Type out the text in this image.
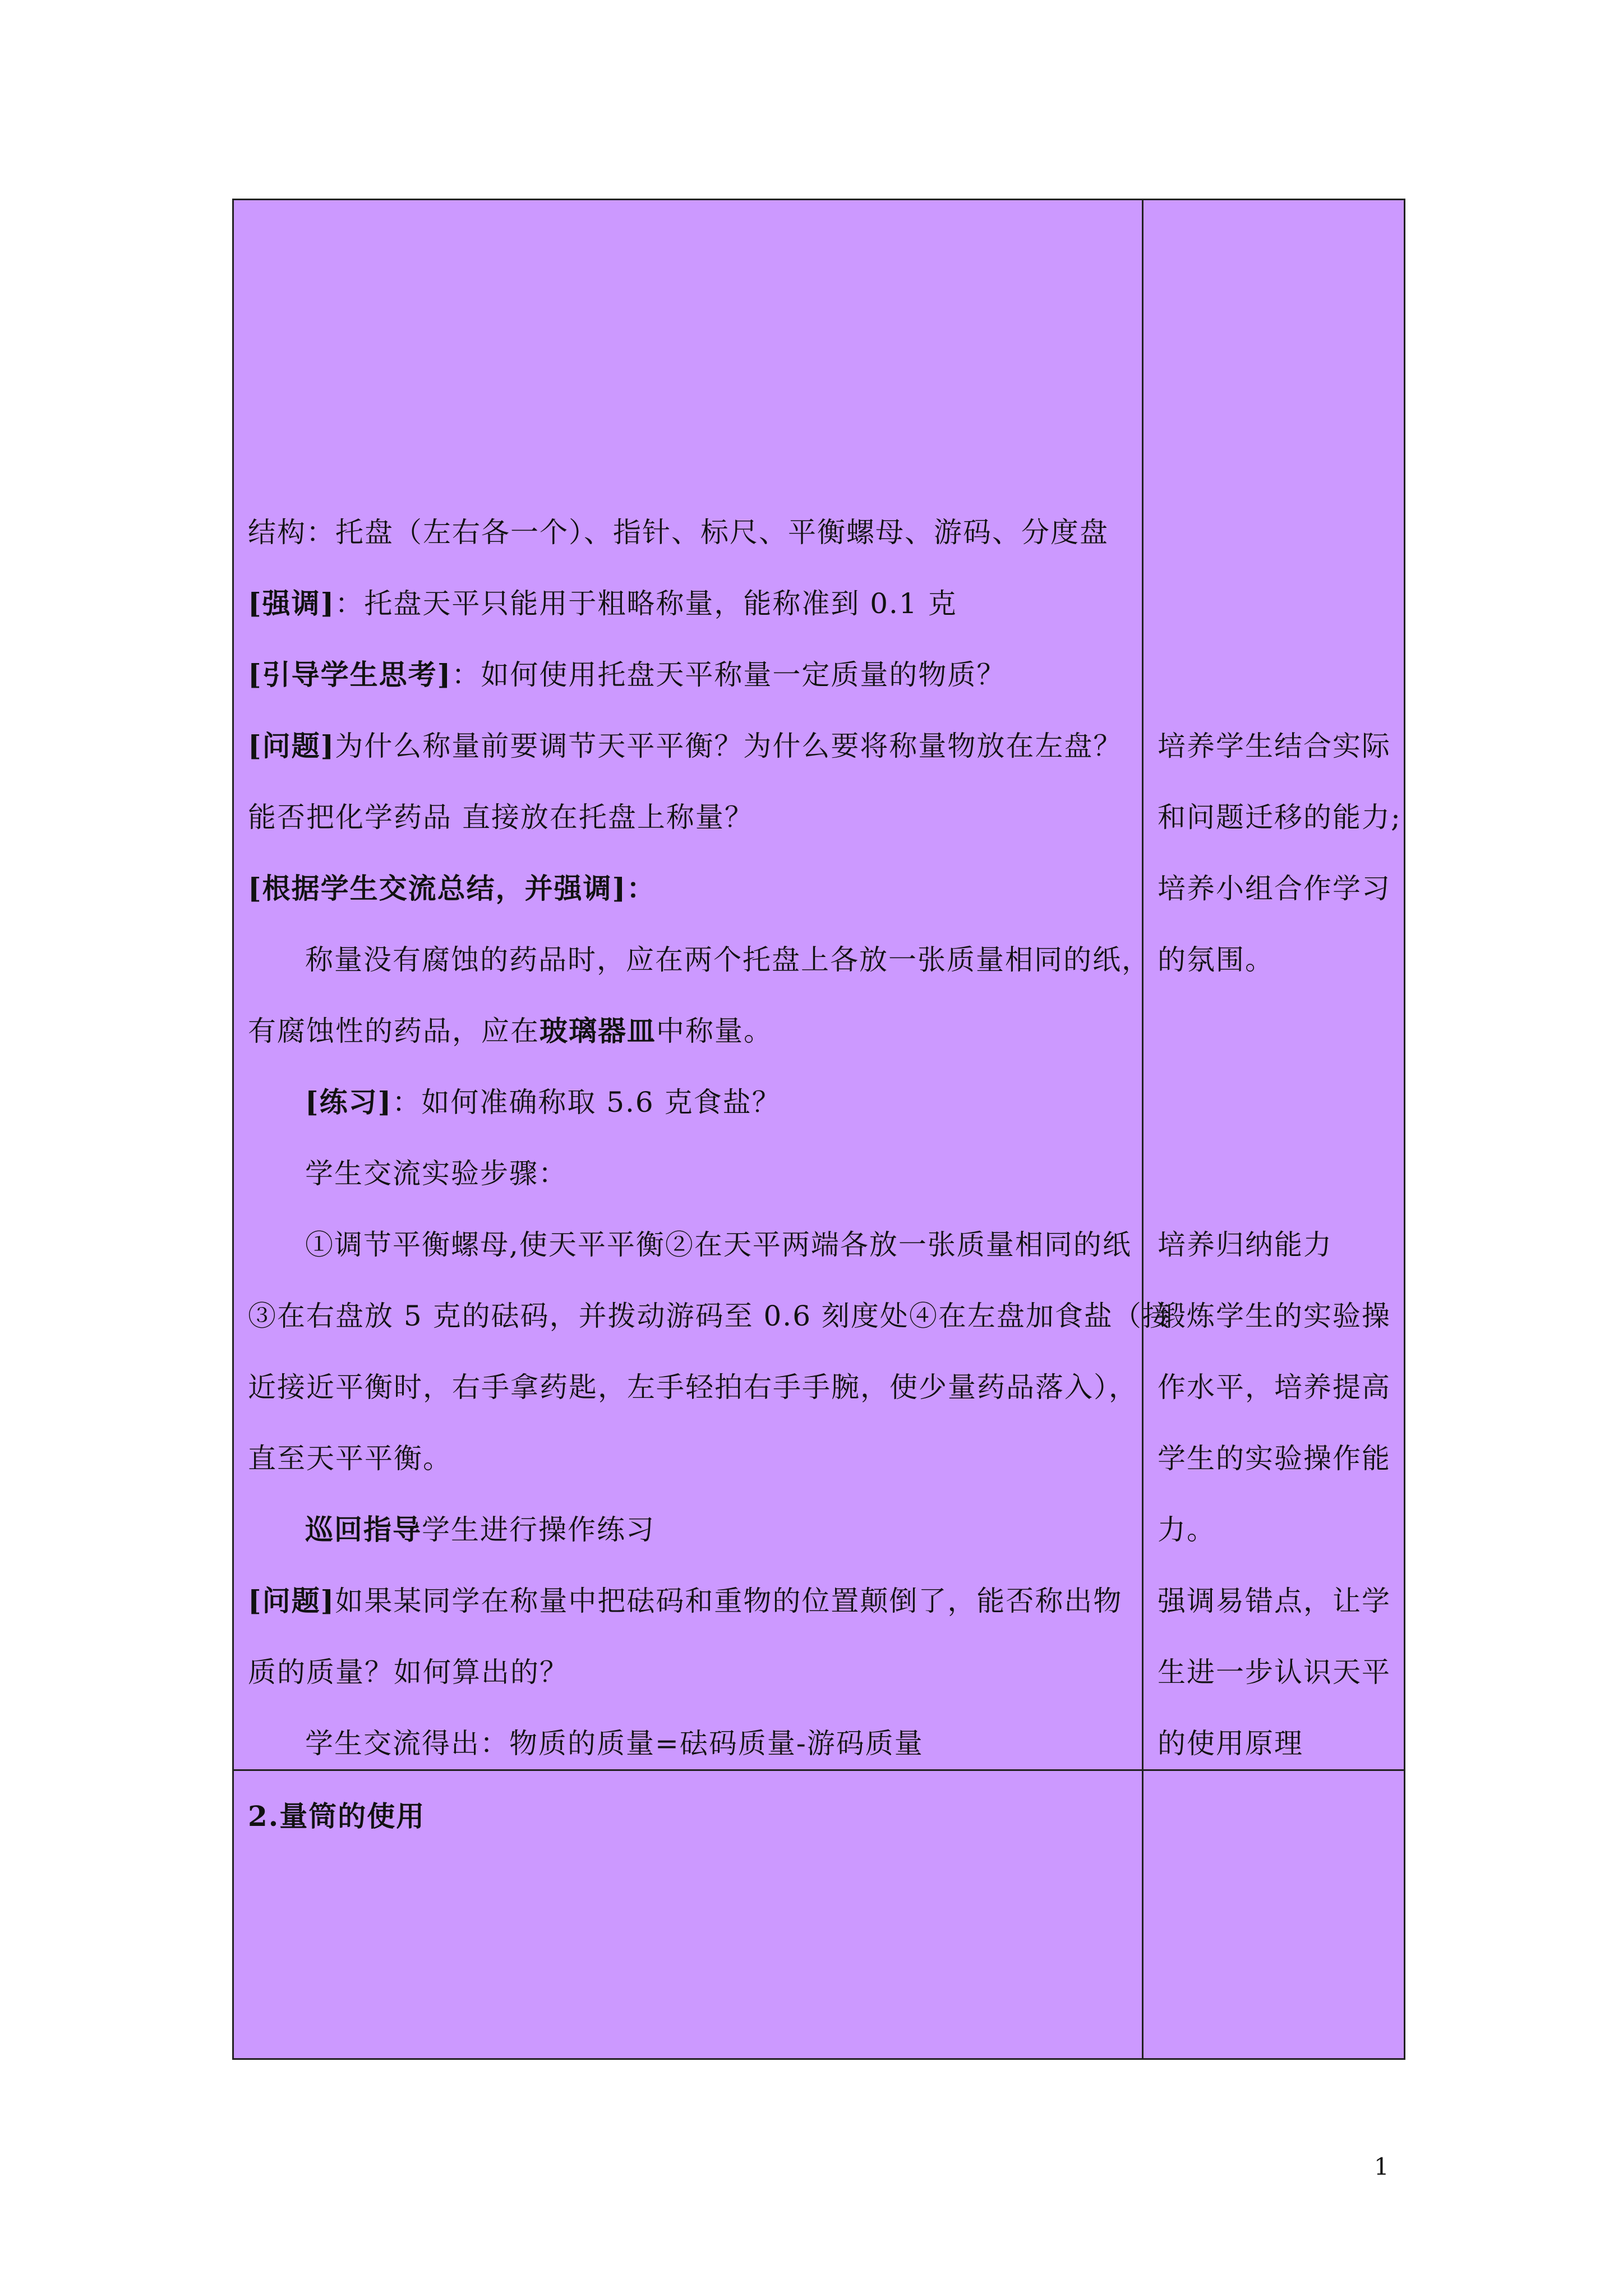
结构：托盘（左右各一个）、指针、标尺、平衡螺母、游码、分度盘
[强调]：托盘天平只能用于粗略称量，能称准到 0.1 克
[引导学生思考]：如何使用托盘天平称量一定质量的物质？
[问题]为什么称量前要调节天平平衡？为什么要将称量物放在左盘？
能否把化学药品 直接放在托盘上称量？
[根据学生交流总结，并强调]：
称量没有腐蚀的药品时，应在两个托盘上各放一张质量相同的纸，
有腐蚀性的药品，应在玻璃器皿中称量。
[练习]：如何准确称取 5.6 克食盐？
学生交流实验步骤：
①调节平衡螺母,使天平平衡②在天平两端各放一张质量相同的纸
③在右盘放 5 克的砝码，并拨动游码至 0.6 刻度处④在左盘加食盐（接
近接近平衡时，右手拿药匙，左手轻拍右手手腕，使少量药品落入），
直至天平平衡。
巡回指导学生进行操作练习
[问题]如果某同学在称量中把砝码和重物的位置颠倒了，能否称出物
质的质量？如何算出的？
学生交流得出：物质的质量=砝码质量-游码质量
培养学生结合实际
和问题迁移的能力;
培养小组合作学习
的氛围。
培养归纳能力
锻炼学生的实验操
作水平，培养提高
学生的实验操作能
力。
强调易错点，让学
生进一步认识天平
的使用原理
2.量筒的使用
1
